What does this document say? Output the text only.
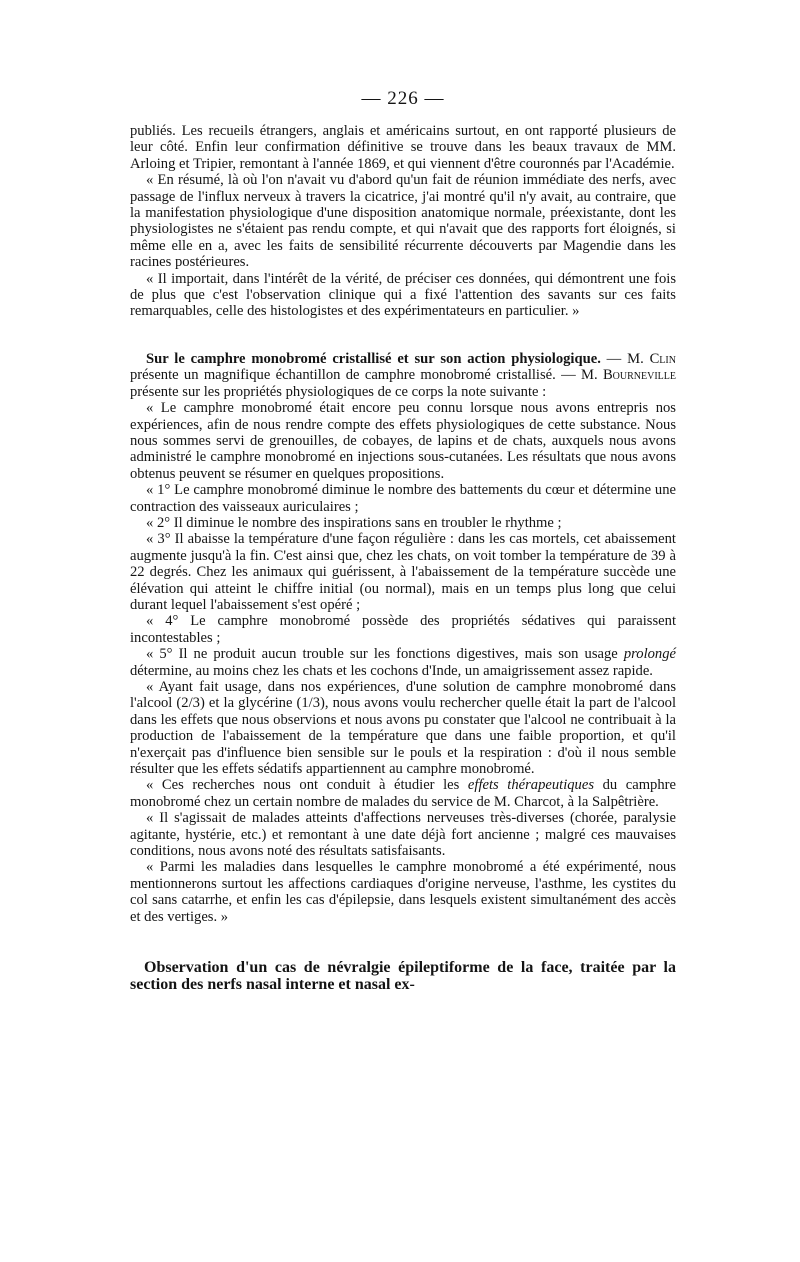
— 226 —

publiés. Les recueils étrangers, anglais et américains surtout, en ont rapporté plusieurs de leur côté. Enfin leur confirmation définitive se trouve dans les beaux travaux de MM. Arloing et Tripier, remontant à l'année 1869, et qui viennent d'être couronnés par l'Académie.

« En résumé, là où l'on n'avait vu d'abord qu'un fait de réunion immédiate des nerfs, avec passage de l'influx nerveux à travers la cicatrice, j'ai montré qu'il n'y avait, au contraire, que la manifestation physiologique d'une disposition anatomique normale, préexistante, dont les physiologistes ne s'étaient pas rendu compte, et qui n'avait que des rapports fort éloignés, si même elle en a, avec les faits de sensibilité récurrente découverts par Magendie dans les racines postérieures.

« Il importait, dans l'intérêt de la vérité, de préciser ces données, qui démontrent une fois de plus que c'est l'observation clinique qui a fixé l'attention des savants sur ces faits remarquables, celle des histologistes et des expérimentateurs en particulier. »

Sur le camphre monobromé cristallisé et sur son action physiologique. — M. Clin présente un magnifique échantillon de camphre monobromé cristallisé. — M. Bourneville présente sur les propriétés physiologiques de ce corps la note suivante :

« Le camphre monobromé était encore peu connu lorsque nous avons entrepris nos expériences, afin de nous rendre compte des effets physiologiques de cette substance. Nous nous sommes servi de grenouilles, de cobayes, de lapins et de chats, auxquels nous avons administré le camphre monobromé en injections sous-cutanées. Les résultats que nous avons obtenus peuvent se résumer en quelques propositions.

« 1° Le camphre monobromé diminue le nombre des battements du cœur et détermine une contraction des vaisseaux auriculaires ;

« 2° Il diminue le nombre des inspirations sans en troubler le rhythme ;

« 3° Il abaisse la température d'une façon régulière : dans les cas mortels, cet abaissement augmente jusqu'à la fin. C'est ainsi que, chez les chats, on voit tomber la température de 39 à 22 degrés. Chez les animaux qui guérissent, à l'abaissement de la température succède une élévation qui atteint le chiffre initial (ou normal), mais en un temps plus long que celui durant lequel l'abaissement s'est opéré ;

« 4° Le camphre monobromé possède des propriétés sédatives qui paraissent incontestables ;

« 5° Il ne produit aucun trouble sur les fonctions digestives, mais son usage prolongé détermine, au moins chez les chats et les cochons d'Inde, un amaigrissement assez rapide.

« Ayant fait usage, dans nos expériences, d'une solution de camphre monobromé dans l'alcool (2/3) et la glycérine (1/3), nous avons voulu rechercher quelle était la part de l'alcool dans les effets que nous observions et nous avons pu constater que l'alcool ne contribuait à la production de l'abaissement de la température que dans une faible proportion, et qu'il n'exerçait pas d'influence bien sensible sur le pouls et la respiration : d'où il nous semble résulter que les effets sédatifs appartiennent au camphre monobromé.

« Ces recherches nous ont conduit à étudier les effets thérapeutiques du camphre monobromé chez un certain nombre de malades du service de M. Charcot, à la Salpêtrière.

« Il s'agissait de malades atteints d'affections nerveuses très-diverses (chorée, paralysie agitante, hystérie, etc.) et remontant à une date déjà fort ancienne ; malgré ces mauvaises conditions, nous avons noté des résultats satisfaisants.

« Parmi les maladies dans lesquelles le camphre monobromé a été expérimenté, nous mentionnerons surtout les affections cardiaques d'origine nerveuse, l'asthme, les cystites du col sans catarrhe, et enfin les cas d'épilepsie, dans lesquels existent simultanément des accès et des vertiges. »

Observation d'un cas de névralgie épileptiforme de la face, traitée par la section des nerfs nasal interne et nasal ex-
